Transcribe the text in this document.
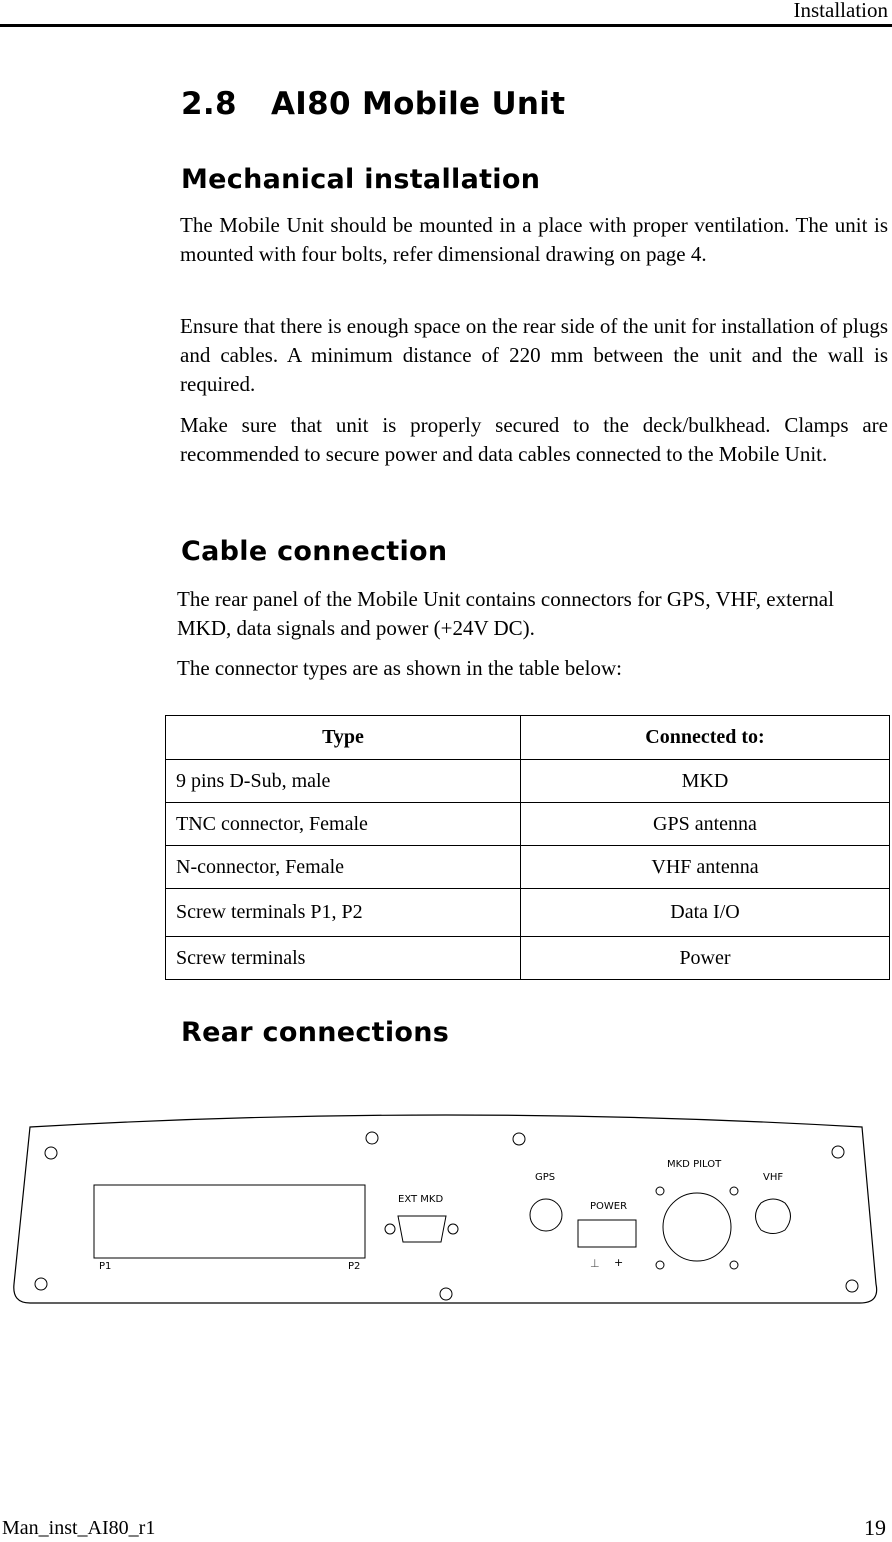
Installation
2.8 AI80 Mobile Unit
Mechanical installation

The Mobile Unit should be mounted in a place with proper ventilation. The unit is mounted with four bolts, refer dimensional drawing on page 4.

Ensure that there is enough space on the rear side of the unit for installation of plugs and cables. A minimum distance of 220 mm between the unit and the wall is required.

Make sure that unit is properly secured to the deck/bulkhead. Clamps are recommended to secure power and data cables connected to the Mobile Unit.

Cable connection

The rear panel of the Mobile Unit contains connectors for GPS, VHF, external MKD, data signals and power (+24V DC).

The connector types are as shown in the table below:

Type	Connected to:
9 pins D-Sub, male	MKD
TNC connector, Female	GPS antenna
N-connector, Female	VHF antenna
Screw terminals P1, P2	Data I/O
Screw terminals	Power
Rear connections
P1	P2
EXT MKD
GPS
POWER
⊥ +
MKD PILOT
VHF
Man_inst_AI80_r1	19
